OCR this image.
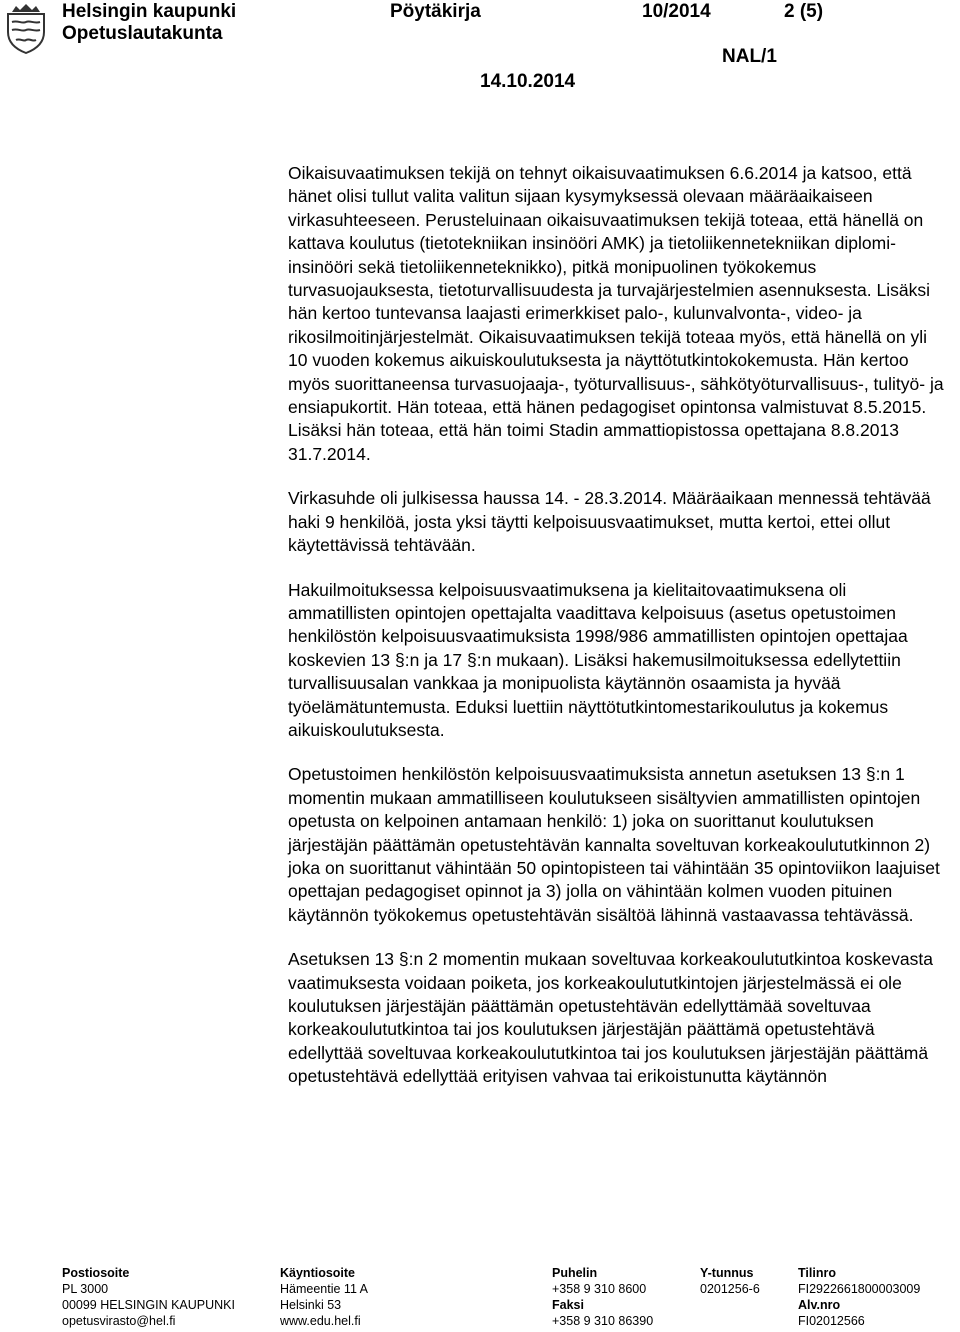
Helsingin kaupunki
Opetuslautakunta
Pöytäkirja	10/2014	2 (5)
NAL/1
14.10.2014

Oikaisuvaatimuksen tekijä on tehnyt oikaisuvaatimuksen 6.6.2014 ja katsoo, että hänet olisi tullut valita valitun sijaan kysymyksessä olevaan määräaikaiseen virkasuhteeseen. Perusteluinaan oikaisuvaatimuksen tekijä toteaa, että hänellä on kattava koulutus (tietotekniikan insinööri AMK) ja tietoliikennetekniikan diplomi-insinööri sekä tietoliikenneteknikko), pitkä monipuolinen työkokemus turvasuojauksesta, tietoturvallisuudesta ja turvajärjestelmien asennuksesta. Lisäksi hän kertoo tuntevansa laajasti erimerkkiset palo-, kulunvalvonta-, video- ja rikosilmoitinjärjestelmät. Oikaisuvaatimuksen tekijä toteaa myös, että hänellä on yli 10 vuoden kokemus aikuiskoulutuksesta ja näyttötutkintokokemusta. Hän kertoo myös suorittaneensa turvasuojaaja-, työturvallisuus-, sähkötyöturvallisuus-, tulityö- ja ensiapukortit. Hän toteaa, että hänen pedagogiset opintonsa valmistuvat 8.5.2015. Lisäksi hän toteaa, että hän toimi Stadin ammattiopistossa opettajana 8.8.2013 31.7.2014.

Virkasuhde oli julkisessa haussa 14. - 28.3.2014. Määräaikaan mennessä tehtävää haki 9 henkilöä, josta yksi täytti kelpoisuusvaatimukset, mutta kertoi, ettei ollut käytettävissä tehtävään.

Hakuilmoituksessa kelpoisuusvaatimuksena ja kielitaitovaatimuksena oli ammatillisten opintojen opettajalta vaadittava kelpoisuus (asetus opetustoimen henkilöstön kelpoisuusvaatimuksista 1998/986 ammatillisten opintojen opettajaa koskevien 13 §:n ja 17 §:n mukaan). Lisäksi hakemusilmoituksessa edellytettiin turvallisuusalan vankkaa ja monipuolista käytännön osaamista ja hyvää työelämätuntemusta. Eduksi luettiin näyttötutkintomestarikoulutus ja kokemus aikuiskoulutuksesta.

Opetustoimen henkilöstön kelpoisuusvaatimuksista annetun asetuksen 13 §:n 1 momentin mukaan ammatilliseen koulutukseen sisältyvien ammatillisten opintojen opetusta on kelpoinen antamaan henkilö: 1) joka on suorittanut koulutuksen järjestäjän päättämän opetustehtävän kannalta soveltuvan korkeakoulututkinnon 2) joka on suorittanut vähintään 50 opintopisteen tai vähintään 35 opintoviikon laajuiset opettajan pedagogiset opinnot ja 3) jolla on vähintään kolmen vuoden pituinen käytännön työkokemus opetustehtävän sisältöä lähinnä vastaavassa tehtävässä.

Asetuksen 13 §:n 2 momentin mukaan soveltuvaa korkeakoulututkintoa koskevasta vaatimuksesta voidaan poiketa, jos korkeakoulututkintojen järjestelmässä ei ole koulutuksen järjestäjän päättämän opetustehtävän edellyttämää soveltuvaa korkeakoulututkintoa tai jos koulutuksen järjestäjän päättämä opetustehtävä edellyttää soveltuvaa korkeakoulututkintoa tai jos koulutuksen järjestäjän päättämä opetustehtävä edellyttää erityisen vahvaa tai erikoistunutta käytännön

Postiosoite
PL 3000
00099 HELSINGIN KAUPUNKI
opetusvirasto@hel.fi
Käyntiosoite
Hämeentie 11 A
Helsinki 53
www.edu.hel.fi
Puhelin
+358 9 310 8600
Faksi
+358 9 310 86390
Y-tunnus
0201256-6
Tilinro
FI2922661800003009
Alv.nro
FI02012566
